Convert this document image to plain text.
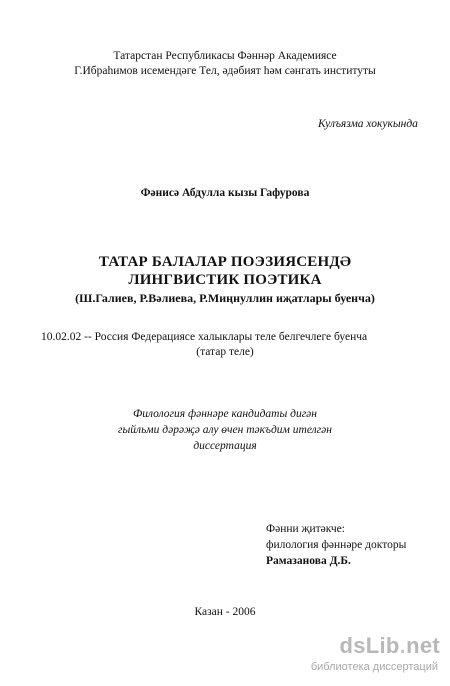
Татарстан Республикасы Фәннәр Академиясе
Г.Ибраһимов исемендәге Тел, әдәбият һәм сәнгать институты
Кулъязма хокукында
Фәнисә Абдулла кызы Гафурова
ТАТАР БАЛАЛАР ПОЭЗИЯСЕНДӘ
ЛИНГВИСТИК ПОЭТИКА
(Ш.Галиев, Р.Вәлиева, Р.Миңнуллин иҗатлары буенча)
10.02.02 -- Россия Федерациясе халыклары теле белгечлеге буенча
(татар теле)
Филология фәннәре кандидаты дигән
гыйльми дәрәҗә алу өчен тәкъдим ителгән
диссертация
Фәнни җитәкче:
филология фәннәре докторы
Рамазанова Д.Б.
Казан - 2006
dsLib.net
библиотека диссертаций
